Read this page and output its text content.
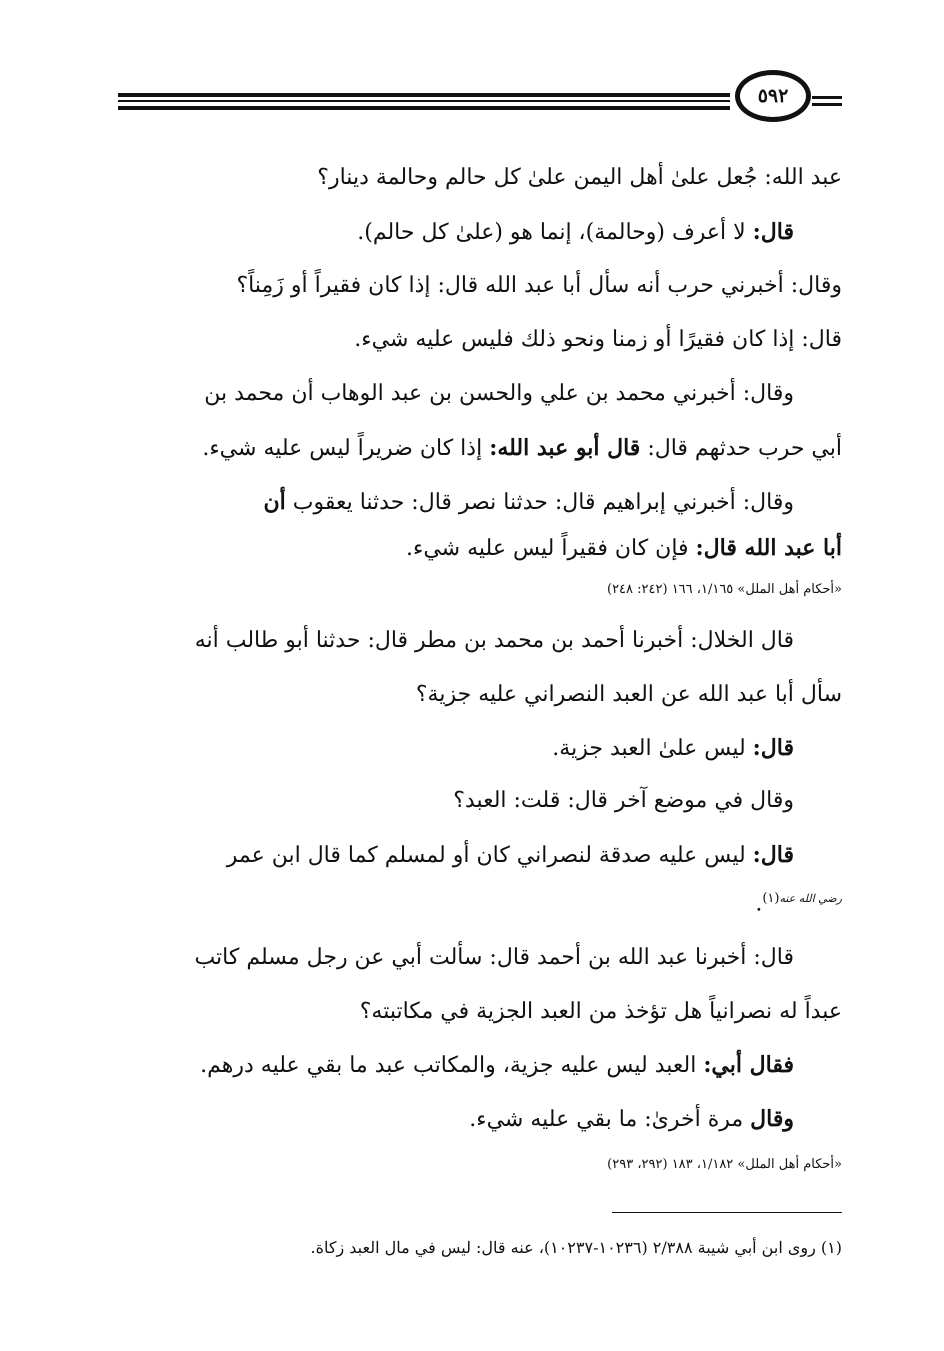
٥٩٢
عبد الله: جُعل علىٰ أهل اليمن علىٰ كل حالم وحالمة دينار؟
قال: لا أعرف (وحالمة)، إنما هو (علىٰ كل حالم).
وقال: أخبرني حرب أنه سأل أبا عبد الله قال: إذا كان فقيراً أو زَمِناً؟
قال: إذا كان فقيرًا أو زمنا ونحو ذلك فليس عليه شيء.
وقال: أخبرني محمد بن علي والحسن بن عبد الوهاب أن محمد بن
أبي حرب حدثهم قال: قال أبو عبد الله: إذا كان ضريراً ليس عليه شيء.
وقال: أخبرني إبراهيم قال: حدثنا نصر قال: حدثنا يعقوب أن
أبا عبد الله قال: فإن كان فقيراً ليس عليه شيء.
«أحكام أهل الملل» ١/١٦٥، ١٦٦ (٢٤٢: ٢٤٨)
قال الخلال: أخبرنا أحمد بن محمد بن مطر قال: حدثنا أبو طالب أنه
سأل أبا عبد الله عن العبد النصراني عليه جزية؟
قال: ليس علىٰ العبد جزية.
وقال في موضع آخر قال: قلت: العبد؟
قال: ليس عليه صدقة لنصراني كان أو لمسلم كما قال ابن عمر
$^{رضي الله عنه(١)}$.
قال: أخبرنا عبد الله بن أحمد قال: سألت أبي عن رجل مسلم كاتب
عبداً له نصرانياً هل تؤخذ من العبد الجزية في مكاتبته؟
فقال أبي: العبد ليس عليه جزية، والمكاتب عبد ما بقي عليه درهم.
وقال مرة أخرىٰ: ما بقي عليه شيء.
«أحكام أهل الملل» ١/١٨٢، ١٨٣ (٢٩٢، ٢٩٣)
(١) روى ابن أبي شيبة ٢/٣٨٨ (١٠٢٣٦-١٠٢٣٧)، عنه قال: ليس في مال العبد زكاة.
